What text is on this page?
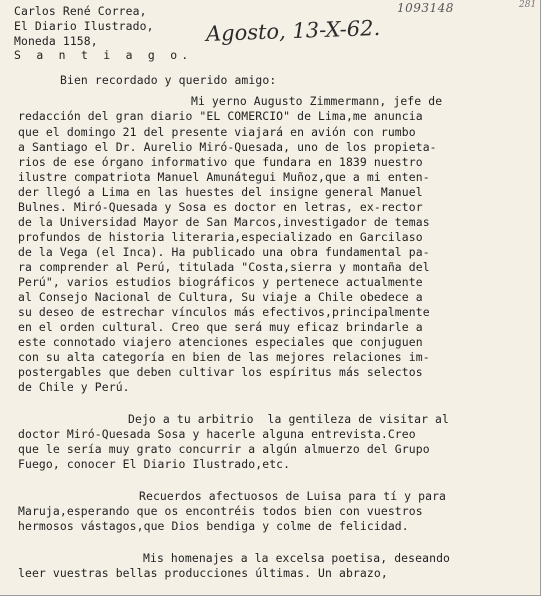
1093148	281
Agosto, 13-X-62.
Carlos René Correa,
El Diario Ilustrado,
Moneda 1158,
S a n t i a g o.
Bien recordado y querido amigo:
Mi yerno Augusto Zimmermann, jefe de
redacción del gran diario "EL COMERCIO" de Lima,me anuncia
que el domingo 21 del presente viajará en avión con rumbo
a Santiago el Dr. Aurelio Miró-Quesada, uno de los propieta-
rios de ese órgano informativo que fundara en 1839 nuestro
ilustre compatriota Manuel Amunátegui Muñoz,que a mi enten-
der llegó a Lima en las huestes del insigne general Manuel
Bulnes. Miró-Quesada y Sosa es doctor en letras, ex-rector
de la Universidad Mayor de San Marcos,investigador de temas
profundos de historia literaria,especializado en Garcilaso
de la Vega (el Inca). Ha publicado una obra fundamental pa-
ra comprender al Perú, titulada "Costa,sierra y montaña del
Perú", varios estudios biográficos y pertenece actualmente
al Consejo Nacional de Cultura, Su viaje a Chile obedece a
su deseo de estrechar vínculos más efectivos,principalmente
en el orden cultural. Creo que será muy eficaz brindarle a
este connotado viajero atenciones especiales que conjuguen
con su alta categoría en bien de las mejores relaciones im-
postergables que deben cultivar los espíritus más selectos
de Chile y Perú.
Dejo a tu arbitrio  la gentileza de visitar al
doctor Miró-Quesada Sosa y hacerle alguna entrevista.Creo
que le sería muy grato concurrir a algún almuerzo del Grupo
Fuego, conocer El Diario Ilustrado,etc.
Recuerdos afectuosos de Luisa para tí y para
Maruja,esperando que os encontréis todos bien con vuestros
hermosos vástagos,que Dios bendiga y colme de felicidad.
Mis homenajes a la excelsa poetisa, deseando
leer vuestras bellas producciones últimas. Un abrazo,
